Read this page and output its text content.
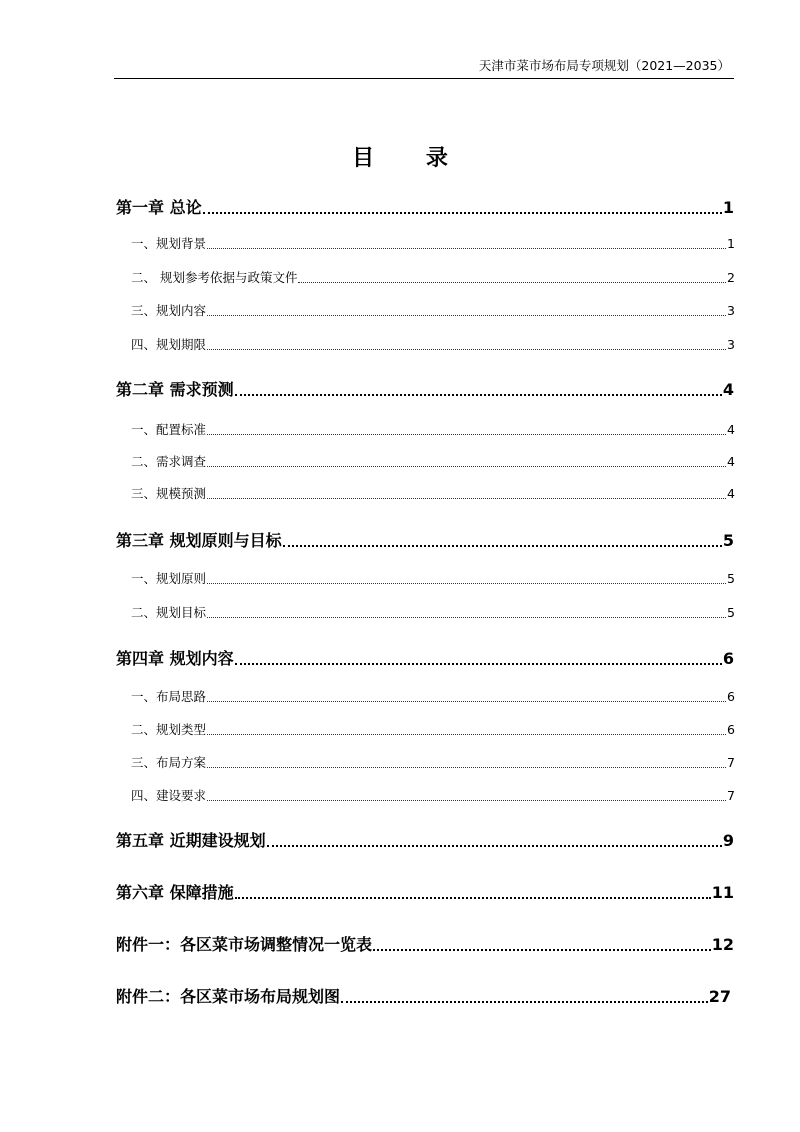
天津市菜市场布局专项规划（2021—2035）
目 录
第一章 总论	1
一、规划背景	1
二、 规划参考依据与政策文件	2
三、规划内容	3
四、规划期限	3
第二章 需求预测	4
一、配置标准	4
二、需求调查	4
三、规模预测	4
第三章 规划原则与目标	5
一、规划原则	5
二、规划目标	5
第四章 规划内容	6
一、布局思路	6
二、规划类型	6
三、布局方案	7
四、建设要求	7
第五章 近期建设规划	9
第六章 保障措施	11
附件一：各区菜市场调整情况一览表	12
附件二：各区菜市场布局规划图	27
